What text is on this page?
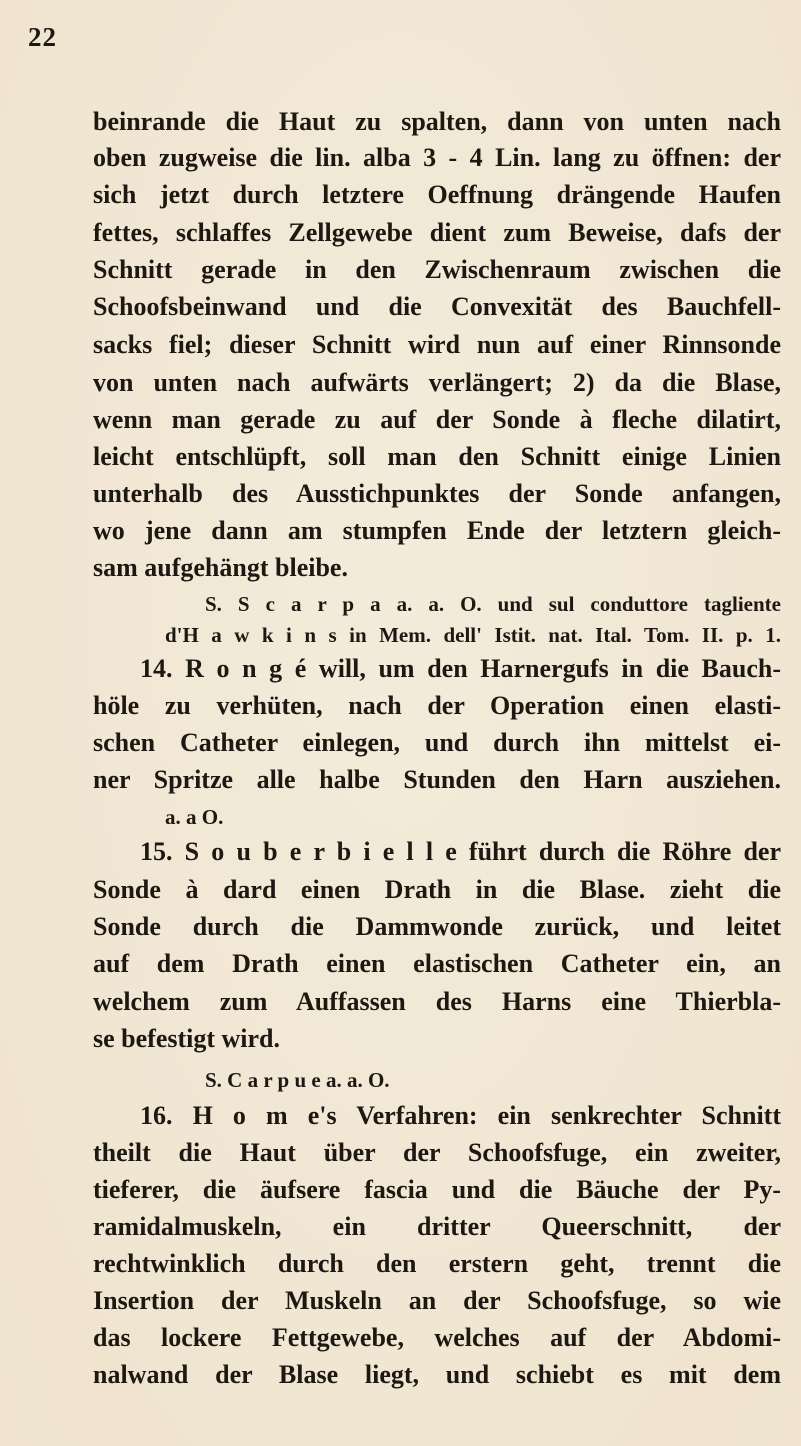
22
beinrande die Haut zu spalten, dann von unten nach
oben zugweise die lin. alba 3 - 4 Lin. lang zu öffnen: der
sich jetzt durch letztere Oeffnung drängende Haufen
fettes, schlaffes Zellgewebe dient zum Beweise, dafs der
Schnitt gerade in den Zwischenraum zwischen die
Schoofsbeinwand und die Convexität des Bauchfell-
sacks fiel; dieser Schnitt wird nun auf einer Rinnsonde
von unten nach aufwärts verlängert; 2) da die Blase,
wenn man gerade zu auf der Sonde à fleche dilatirt,
leicht entschlüpft, soll man den Schnitt einige Linien
unterhalb des Ausstichpunktes der Sonde anfangen,
wo jene dann am stumpfen Ende der letztern gleich-
sam aufgehängt bleibe.
S. S c a r p a a. a. O. und sul conduttore tagliente
d'H a w k i n s in Mem. dell' Istit. nat. Ital. Tom. II. p. 1.
14. R o n g é will, um den Harnergufs in die Bauch-
höle zu verhüten, nach der Operation einen elasti-
schen Catheter einlegen, und durch ihn mittelst ei-
ner Spritze alle halbe Stunden den Harn ausziehen.
a. a O.
15. S o u b e r b i e l l e führt durch die Röhre der
Sonde à dard einen Drath in die Blase. zieht die
Sonde durch die Dammwonde zurück, und leitet
auf dem Drath einen elastischen Catheter ein, an
welchem zum Auffassen des Harns eine Thierbla-
se befestigt wird.
S. C a r p u e a. a. O.
16. H o m e's Verfahren: ein senkrechter Schnitt
theilt die Haut über der Schoofsfuge, ein zweiter,
tieferer, die äufsere fascia und die Bäuche der Py-
ramidalmuskeln, ein dritter Queerschnitt, der
rechtwinklich durch den erstern geht, trennt die
Insertion der Muskeln an der Schoofsfuge, so wie
das lockere Fettgewebe, welches auf der Abdomi-
nalwand der Blase liegt, und schiebt es mit dem
